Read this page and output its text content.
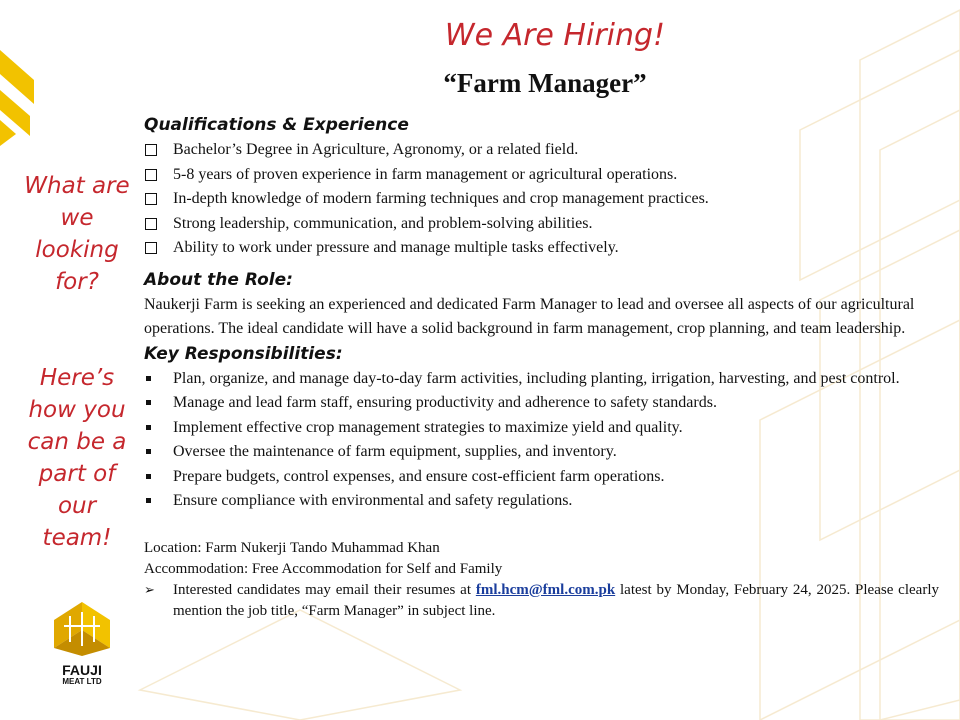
We Are Hiring!
“Farm Manager”
What are we looking for?
Here’s how you can be a part of our team!
Qualifications & Experience
Bachelor’s Degree in Agriculture, Agronomy, or a related field.
5-8 years of proven experience in farm management or agricultural operations.
In-depth knowledge of modern farming techniques and crop management practices.
Strong leadership, communication, and problem-solving abilities.
Ability to work under pressure and manage multiple tasks effectively.
About the Role:

Naukerji Farm is seeking an experienced and dedicated Farm Manager to lead and oversee all aspects of our agricultural operations. The ideal candidate will have a solid background in farm management, crop planning, and team leadership.

Key Responsibilities:
Plan, organize, and manage day-to-day farm activities, including planting, irrigation, harvesting, and pest control.
Manage and lead farm staff, ensuring productivity and adherence to safety standards.
Implement effective crop management strategies to maximize yield and quality.
Oversee the maintenance of farm equipment, supplies, and inventory.
Prepare budgets, control expenses, and ensure cost-efficient farm operations.
Ensure compliance with environmental and safety regulations.
Location: Farm Nukerji Tando Muhammad Khan
Accommodation: Free Accommodation for Self and Family
➢ Interested candidates may email their resumes at fml.hcm@fml.com.pk latest by Monday, February 24, 2025. Please clearly mention the job title, “Farm Manager” in subject line.
FAUJI
MEAT LTD
